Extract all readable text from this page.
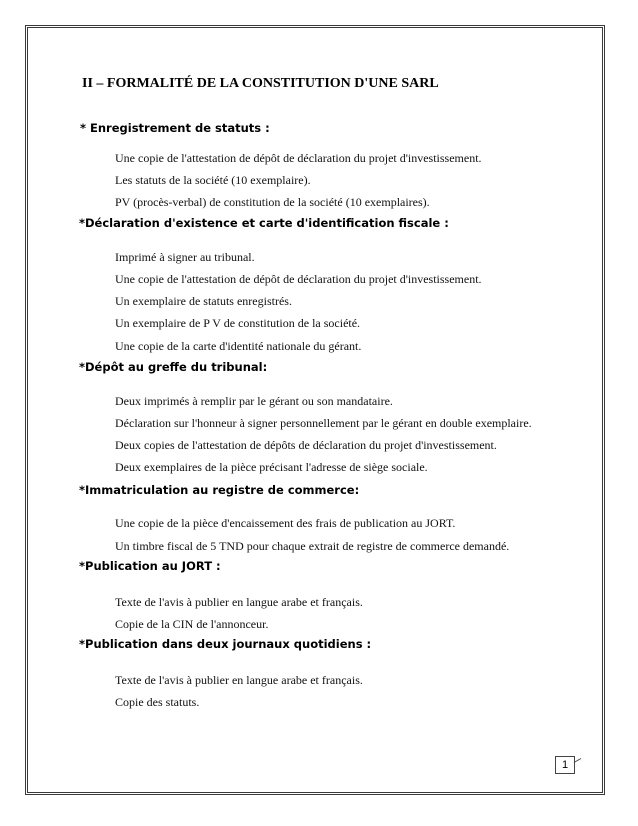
II – FORMALITÉ DE LA CONSTITUTION D'UNE SARL
* Enregistrement de statuts :
Une copie de l'attestation de dépôt de déclaration du projet d'investissement.
Les statuts de la société (10 exemplaire).
PV (procès-verbal) de constitution de la société (10 exemplaires).
*Déclaration d'existence et carte d'identification fiscale :
Imprimé à signer au tribunal.
Une copie de l'attestation de dépôt de déclaration du projet d'investissement.
Un exemplaire de statuts enregistrés.
Un exemplaire de P V de constitution de la société.
Une copie de la carte d'identité nationale du gérant.
*Dépôt au greffe du tribunal:
Deux imprimés à remplir par le gérant ou son mandataire.
Déclaration sur l'honneur à signer personnellement par le gérant en double exemplaire.
Deux copies de l'attestation de dépôts de déclaration du projet d'investissement.
Deux exemplaires de la pièce précisant l'adresse de siège sociale.
*Immatriculation au registre de commerce:
Une copie de la pièce d'encaissement des frais de publication au JORT.
Un timbre fiscal de 5 TND pour chaque extrait de registre de commerce demandé.
*Publication au JORT :
Texte de l'avis à publier en langue arabe et français.
Copie de la CIN de l'annonceur.
*Publication dans deux journaux quotidiens :
Texte de l'avis à publier en langue arabe et français.
Copie des statuts.
1
